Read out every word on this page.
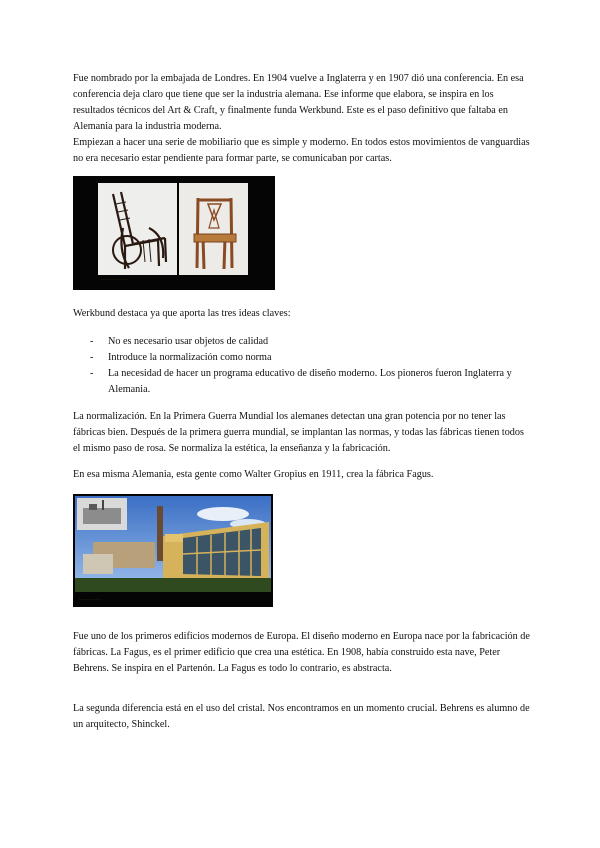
Fue nombrado por la embajada de Londres. En 1904 vuelve a Inglaterra y en 1907 dió una conferencia. En esa conferencia deja claro que tiene que ser la industria alemana. Ese informe que elabora, se inspira en los resultados técnicos del Art & Craft, y finalmente funda Werkbund. Este es el paso definitivo que faltaba en Alemania para la industria moderna.
Empiezan a hacer una serie de mobiliario que es simple y moderno. En todos estos movimientos de vanguardias no era necesario estar pendiente para formar parte, se comunicaban por cartas.
. . . . . . . . . . . . . . . .
Werkbund destaca ya que aporta las tres ideas claves:
- No es necesario usar objetos de calidad
- Introduce la normalización como norma
- La necesidad de hacer un programa educativo de diseño moderno. Los pioneros fueron Inglaterra y Alemania.
La normalización. En la Primera Guerra Mundial los alemanes detectan una gran potencia por no tener las fábricas bien. Después de la primera guerra mundial, se implantan las normas, y todas las fábricas tienen todos el mismo paso de rosa. Se normaliza la estética, la enseñanza y la fabricación.
En esa misma Alemania, esta gente como Walter Gropius en 1911, crea la fábrica Fagus.
. . . . . . . . . . . . . .
Fue uno de los primeros edificios modernos de Europa. El diseño moderno en Europa nace por la fabricación de fábricas. La Fagus, es el primer edificio que crea una estética. En 1908, había construido esta nave, Peter Behrens. Se inspira en el Partenón. La Fagus es todo lo contrario, es abstracta.
La segunda diferencia está en el uso del cristal. Nos encontramos en un momento crucial. Behrens es alumno de un arquitecto, Shinckel.
